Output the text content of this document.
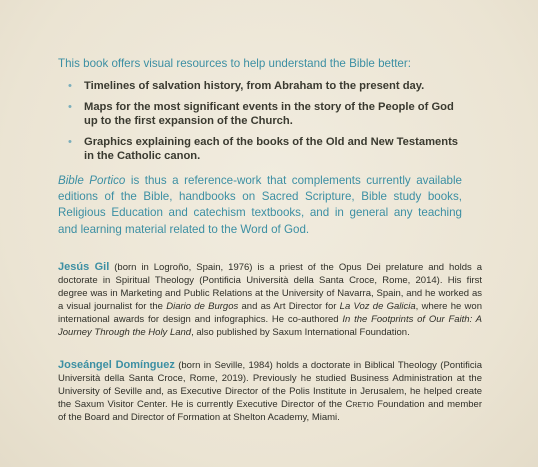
This book offers visual resources to help understand the Bible better:
• Timelines of salvation history, from Abraham to the present day.
• Maps for the most significant events in the story of the People of God
up to the first expansion of the Church.
• Graphics explaining each of the books of the Old and New Testaments
in the Catholic canon.
Bible Portico is thus a reference-work that complements currently available editions of the Bible, handbooks on Sacred Scripture, Bible study books, Religious Education and catechism textbooks, and in general any teaching and learning material related to the Word of God.
Jesús Gil (born in Logroño, Spain, 1976) is a priest of the Opus Dei prelature and holds a doctorate in Spiritual Theology (Pontificia Università della Santa Croce, Rome, 2014). His first degree was in Marketing and Public Relations at the University of Navarra, Spain, and he worked as a visual journalist for the Diario de Burgos and as Art Director for La Voz de Galicia, where he won international awards for design and infographics. He co-authored In the Footprints of Our Faith: A Journey Through the Holy Land, also published by Saxum International Foundation.
Joseángel Domínguez (born in Seville, 1984) holds a doctorate in Biblical Theology (Pontificia Università della Santa Croce, Rome, 2019). Previously he studied Business Administration at the University of Seville and, as Executive Director of the Polis Institute in Jerusalem, he helped create the Saxum Visitor Center. He is currently Executive Director of the Cretio Foundation and member of the Board and Director of Formation at Shelton Academy, Miami.
